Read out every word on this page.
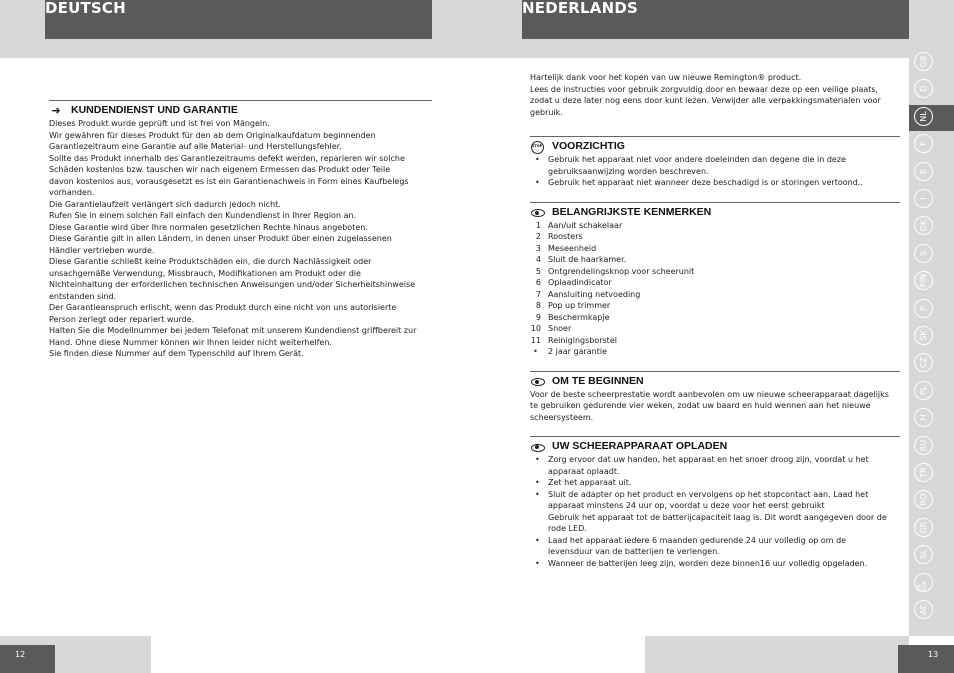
DEUTSCH	NEDERLANDS
➜ KUNDENDIENST UND GARANTIE

Dieses Produkt wurde geprüft und ist frei von Mängeln.

Wir gewähren für dieses Produkt für den ab dem Originalkaufdatum beginnenden

Garantiezeitraum eine Garantie auf alle Material- und Herstellungsfehler.

Sollte das Produkt innerhalb des Garantiezeitraums defekt werden, reparieren wir solche

Schäden kostenlos bzw. tauschen wir nach eigenem Ermessen das Produkt oder Teile

davon kostenlos aus, vorausgesetzt es ist ein Garantienachweis in Form eines Kaufbelegs

vorhanden.

Die Garantielaufzeit verlängert sich dadurch jedoch nicht.

Rufen Sie in einem solchen Fall einfach den Kundendienst in Ihrer Region an.

Diese Garantie wird über Ihre normalen gesetzlichen Rechte hinaus angeboten.

Diese Garantie gilt in allen Ländern, in denen unser Produkt über einen zugelassenen

Händler vertrieben wurde.

Diese Garantie schließt keine Produktschäden ein, die durch Nachlässigkeit oder

unsachgemäße Verwendung, Missbrauch, Modifikationen am Produkt oder die

Nichteinhaltung der erforderlichen technischen Anweisungen und/oder Sicherheitshinweise

entstanden sind.

Der Garantieanspruch erlischt, wenn das Produkt durch eine nicht von uns autorisierte

Person zerlegt oder repariert wurde.

Halten Sie die Modellnummer bei jedem Telefonat mit unserem Kundendienst griffbereit zur

Hand. Ohne diese Nummer können wir Ihnen leider nicht weiterhelfen.

Sie finden diese Nummer auf dem Typenschild auf Ihrem Gerät.

Hartelijk dank voor het kopen van uw nieuwe Remington® product.

Lees de instructies voor gebruik zorgvuldig door en bewaar deze op een veilige plaats,

zodat u deze later nog eens door kunt lezen. Verwijder alle verpakkingsmaterialen voor

gebruik.

STOP VOORZICHTIG
• Gebruik het apparaat niet voor andere doeleinden dan degene die in deze
gebruiksaanwijzing worden beschreven.
• Gebruik het apparaat niet wanneer deze beschadigd is or storingen vertoond..
BELANGRIJKSTE KENMERKEN
1 Aan/uit schakelaar
2 Roosters
3 Meseenheid
4 Sluit de haarkamer.
5 Ontgrendelingsknop voor scheerunit
6 Oplaadindicator
7 Aansluiting netvoeding
8 Pop up trimmer
9 Beschermkapje
10 Snoer
11 Reinigingsborstel
•	2 jaar garantie
OM TE BEGINNEN

Voor de beste scheerprestatie wordt aanbevolen om uw nieuwe scheerapparaat dagelijks

te gebruiken gedurende vier weken, zodat uw baard en huid wennen aan het nieuwe

scheersysteem.

UW SCHEERAPPARAAT OPLADEN
• Zorg ervoor dat uw handen, het apparaat en het snoer droog zijn, voordat u het
apparaat oplaadt.
• Zet het apparaat uit.
• Sluit de adapter op het product en vervolgens op het stopcontact aan. Laad het
apparaat minstens 24 uur op, voordat u deze voor het eerst gebruikt
Gebruik het apparaat tot de batterijcapaciteit laag is. Dit wordt aangegeven door de
rode LED.
• Laad het apparaat iedere 6 maanden gedurende 24 uur volledig op om de
levensduur van de batterijen te verlengen.
• Wanneer de batterijen leeg zijn, worden deze binnen16 uur volledig opgeladen.
GB
D
NL
F
E
I
DK
S
FIN
P
SK
CZ
PL
H
RU
TR
RO
GR
SL
HR SRB
AE
12	13
